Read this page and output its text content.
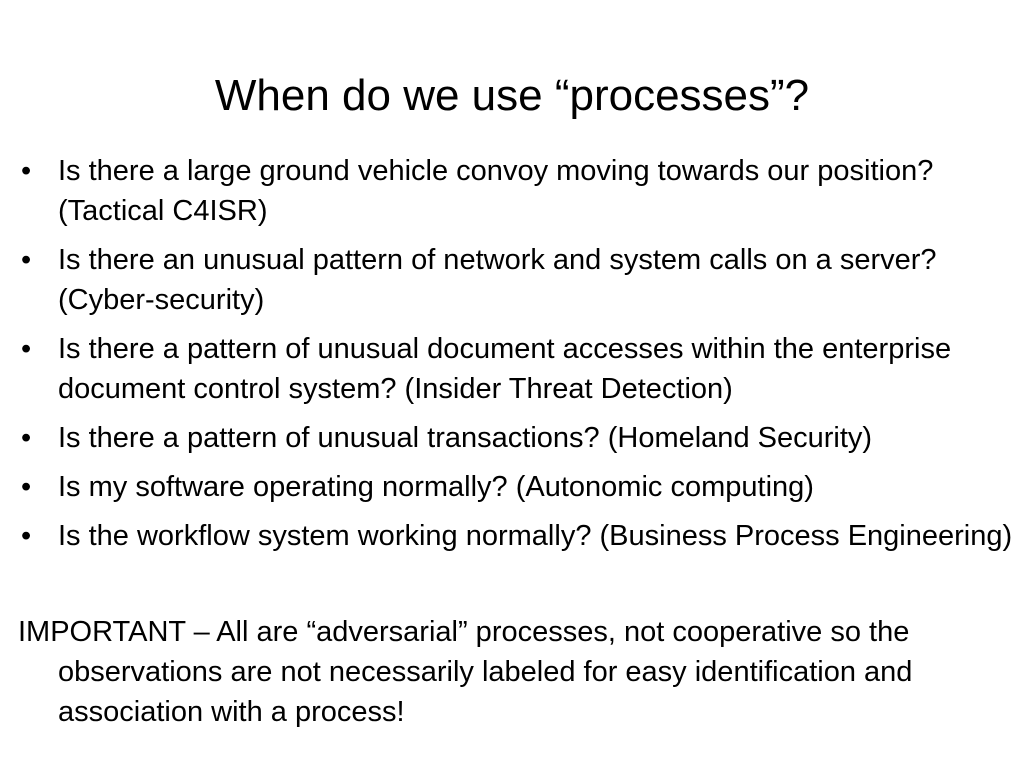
When do we use “processes”?
• Is there a large ground vehicle convoy moving towards our position? (Tactical C4ISR)
• Is there an unusual pattern of network and system calls on a server? (Cyber-security)
• Is there a pattern of unusual document accesses within the enterprise document control system? (Insider Threat Detection)
• Is there a pattern of unusual transactions? (Homeland Security)
• Is my software operating normally? (Autonomic computing)
• Is the workflow system working normally? (Business Process Engineering)

IMPORTANT – All are “adversarial” processes, not cooperative so the observations are not necessarily labeled for easy identification and association with a process!
